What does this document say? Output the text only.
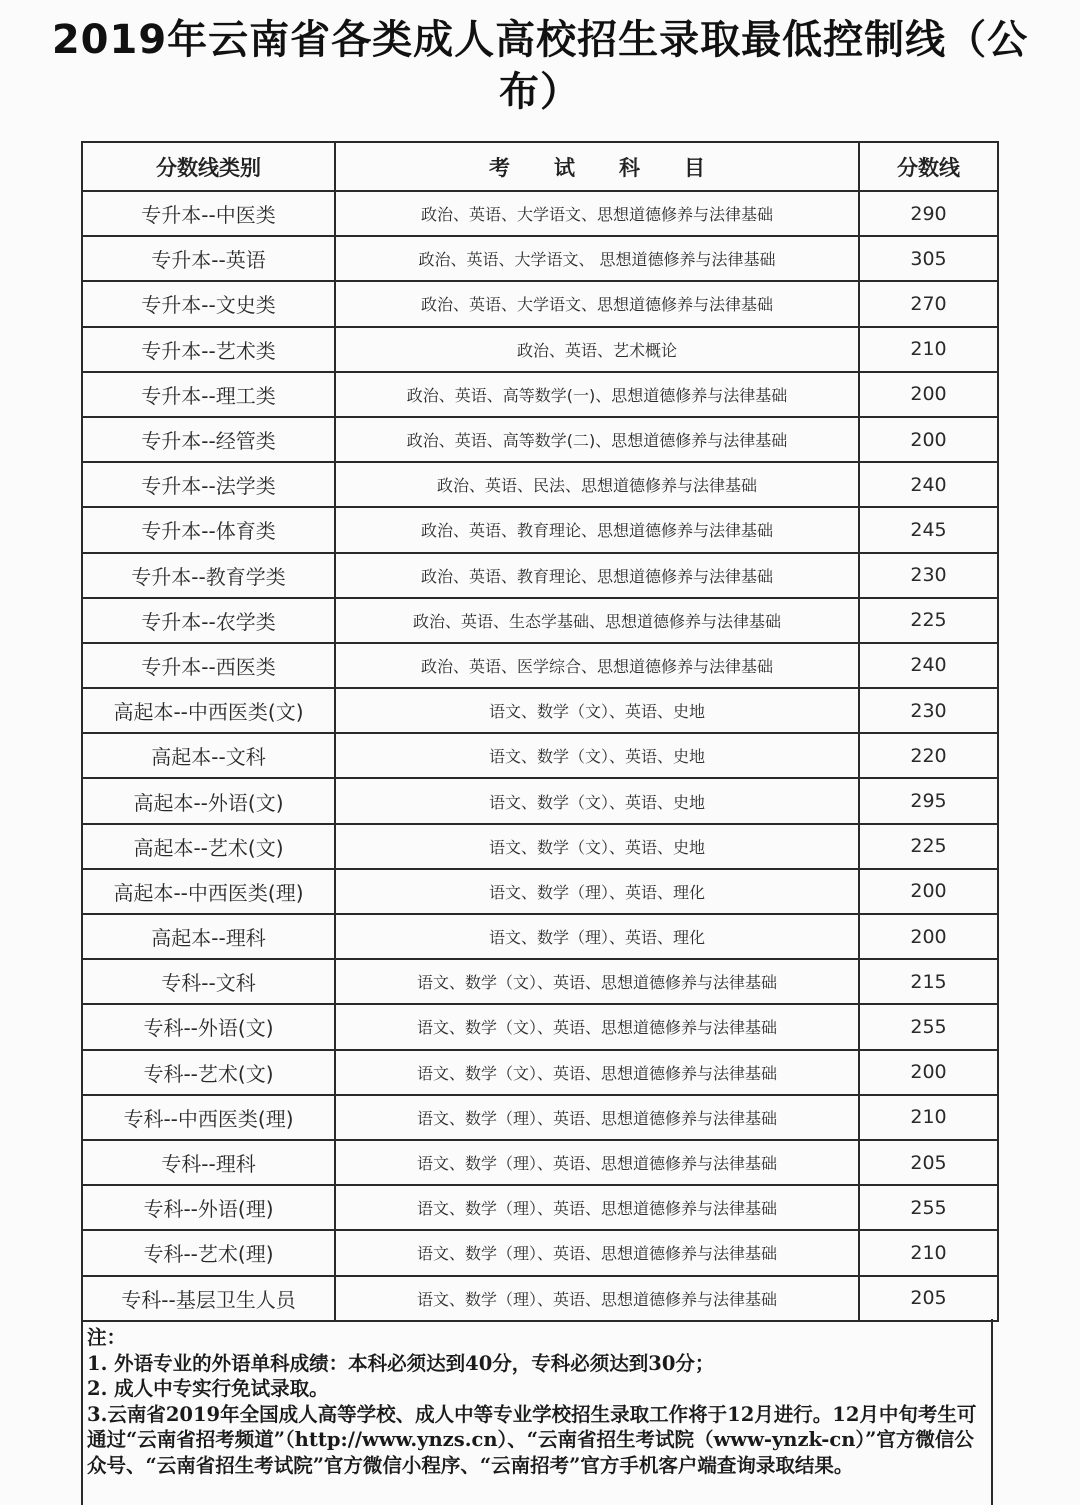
2019年云南省各类成人高校招生录取最低控制线（公布）
分数线类别	考试科目	分数线
专升本--中医类	政治、英语、大学语文、思想道德修养与法律基础	290
专升本--英语	政治、英语、大学语文、 思想道德修养与法律基础	305
专升本--文史类	政治、英语、大学语文、思想道德修养与法律基础	270
专升本--艺术类	政治、英语、艺术概论	210
专升本--理工类	政治、英语、高等数学(一)、思想道德修养与法律基础	200
专升本--经管类	政治、英语、高等数学(二)、思想道德修养与法律基础	200
专升本--法学类	政治、英语、民法、思想道德修养与法律基础	240
专升本--体育类	政治、英语、教育理论、思想道德修养与法律基础	245
专升本--教育学类	政治、英语、教育理论、思想道德修养与法律基础	230
专升本--农学类	政治、英语、生态学基础、思想道德修养与法律基础	225
专升本--西医类	政治、英语、医学综合、思想道德修养与法律基础	240
高起本--中西医类(文)	语文、数学（文）、英语、史地	230
高起本--文科	语文、数学（文）、英语、史地	220
高起本--外语(文)	语文、数学（文）、英语、史地	295
高起本--艺术(文)	语文、数学（文）、英语、史地	225
高起本--中西医类(理)	语文、数学（理）、英语、理化	200
高起本--理科	语文、数学（理）、英语、理化	200
专科--文科	语文、数学（文）、英语、思想道德修养与法律基础	215
专科--外语(文)	语文、数学（文）、英语、思想道德修养与法律基础	255
专科--艺术(文)	语文、数学（文）、英语、思想道德修养与法律基础	200
专科--中西医类(理)	语文、数学（理）、英语、思想道德修养与法律基础	210
专科--理科	语文、数学（理）、英语、思想道德修养与法律基础	205
专科--外语(理)	语文、数学（理）、英语、思想道德修养与法律基础	255
专科--艺术(理)	语文、数学（理）、英语、思想道德修养与法律基础	210
专科--基层卫生人员	语文、数学（理）、英语、思想道德修养与法律基础	205

注：

1. 外语专业的外语单科成绩：本科必须达到40分，专科必须达到30分；

2. 成人中专实行免试录取。

3.云南省2019年全国成人高等学校、成人中等专业学校招生录取工作将于12月进行。12月中旬考生可通过“云南省招考频道”（http://www.ynzs.cn）、“云南省招生考试院（www-ynzk-cn）”官方微信公众号、“云南省招生考试院”官方微信小程序、“云南招考”官方手机客户端查询录取结果。
